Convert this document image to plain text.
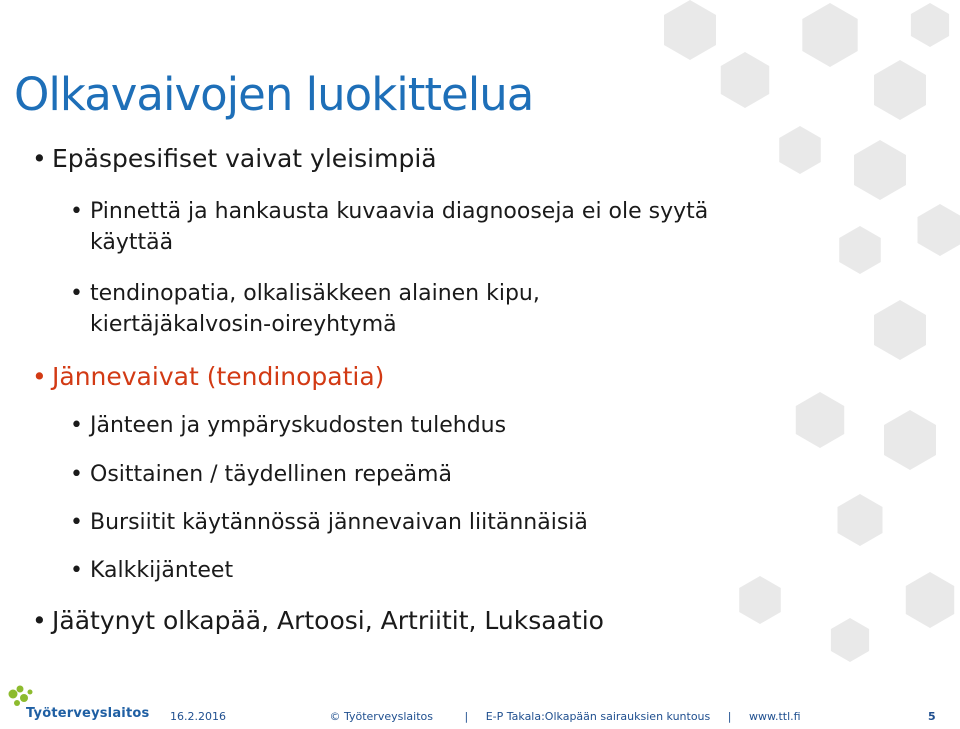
Olkavaivojen luokittelua
• Epäspesifiset vaivat yleisimpiä
• Pinnettä ja hankausta kuvaavia diagnooseja ei ole syytä
käyttää
• tendinopatia, olkalisäkkeen alainen kipu,
kiertäjäkalvosin-oireyhtymä
• Jännevaivat (tendinopatia)
• Jänteen ja ympäryskudosten tulehdus
• Osittainen / täydellinen repeämä
• Bursiitit käytännössä jännevaivan liitännäisiä
• Kalkkijänteet
• Jäätynyt olkapää, Artoosi, Artriitit, Luksaatio
Työterveyslaitos 16.2.2016	© Työterveyslaitos	| E-P Takala:Olkapään sairauksien kuntous | www.ttl.fi	5
